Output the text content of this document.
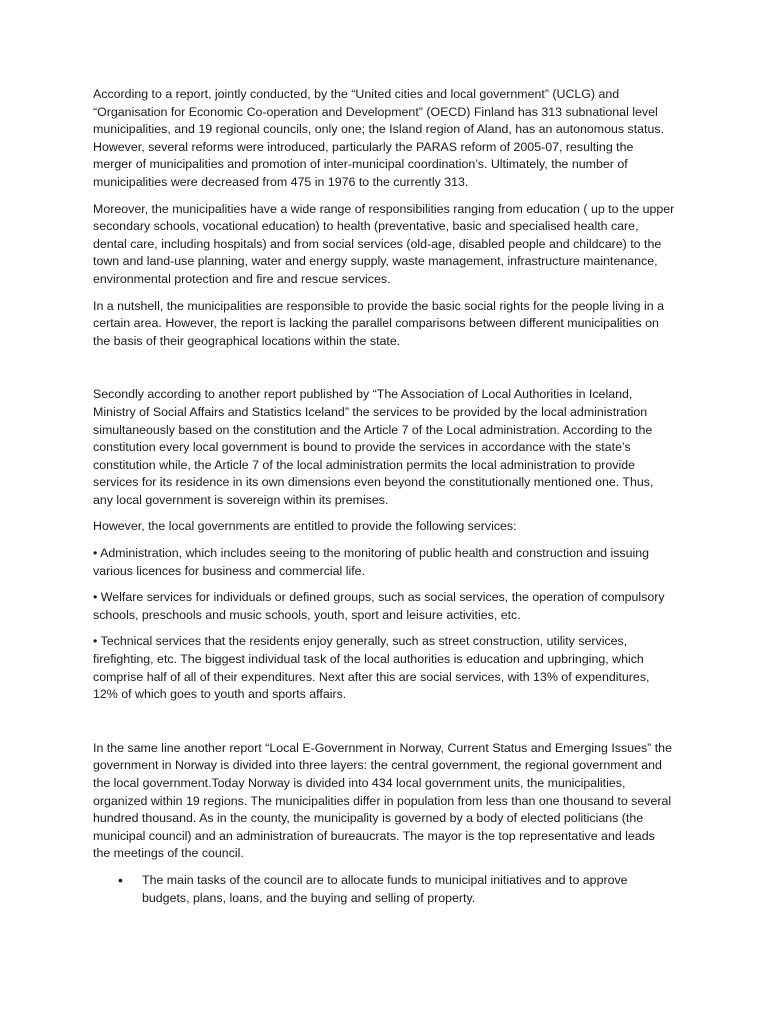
According to a report, jointly conducted, by the “United cities and local government” (UCLG) and “Organisation for Economic Co-operation and Development” (OECD) Finland has 313 subnational level municipalities, and 19 regional councils, only one; the Island region of Aland, has an autonomous status. However, several reforms were introduced, particularly the PARAS reform of 2005-07, resulting the merger of municipalities and promotion of inter-municipal coordination’s. Ultimately, the number of municipalities were decreased from 475 in 1976 to the currently 313.

Moreover, the municipalities have a wide range of responsibilities ranging from education ( up to the upper secondary schools, vocational education) to health (preventative, basic and specialised health care, dental care, including hospitals) and from social services (old-age, disabled people and childcare) to the town and land-use planning, water and energy supply, waste management, infrastructure maintenance, environmental protection and fire and rescue services.

In a nutshell, the municipalities are responsible to provide the basic social rights for the people living in a certain area. However, the report is lacking the parallel comparisons between different municipalities on the basis of their geographical locations within the state.

Secondly according to another report published by “The Association of Local Authorities in Iceland, Ministry of Social Affairs and Statistics Iceland” the services to be provided by the local administration simultaneously based on the constitution and the Article 7 of the Local administration. According to the constitution every local government is bound to provide the services in accordance with the state’s constitution while, the Article 7 of the local administration permits the local administration to provide services for its residence in its own dimensions even beyond the constitutionally mentioned one. Thus, any local government is sovereign within its premises.

However, the local governments are entitled to provide the following services:

• Administration, which includes seeing to the monitoring of public health and construction and issuing various licences for business and commercial life.

• Welfare services for individuals or defined groups, such as social services, the operation of compulsory schools, preschools and music schools, youth, sport and leisure activities, etc.

• Technical services that the residents enjoy generally, such as street construction, utility services, firefighting, etc. The biggest individual task of the local authorities is education and upbringing, which comprise half of all of their expenditures. Next after this are social services, with 13% of expenditures, 12% of which goes to youth and sports affairs.

In the same line another report “Local E-Government in Norway, Current Status and Emerging Issues” the government in Norway is divided into three layers: the central government, the regional government and the local government.Today Norway is divided into 434 local government units, the municipalities, organized within 19 regions. The municipalities differ in population from less than one thousand to several hundred thousand. As in the county, the municipality is governed by a body of elected politicians (the municipal council) and an administration of bureaucrats. The mayor is the top representative and leads the meetings of the council.

• The main tasks of the council are to allocate funds to municipal initiatives and to approve budgets, plans, loans, and the buying and selling of property.
